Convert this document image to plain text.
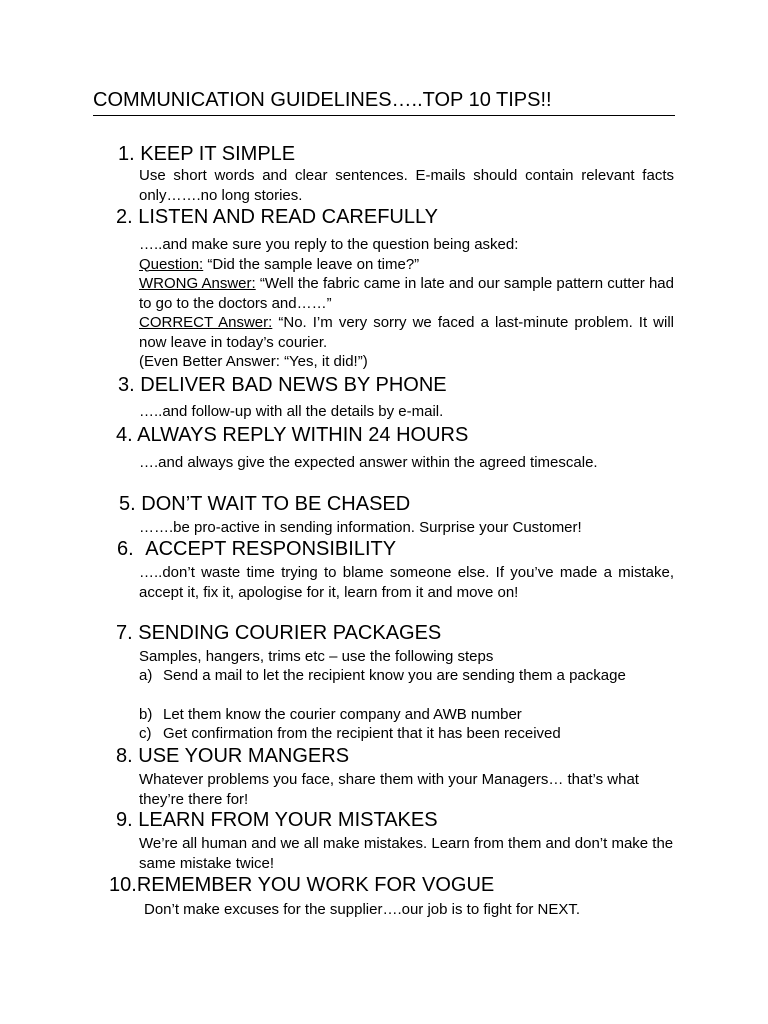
COMMUNICATION GUIDELINES…..TOP 10 TIPS!!
1. KEEP IT SIMPLE
Use short words and clear sentences. E-mails should contain relevant facts only…….no long stories.
2. LISTEN AND READ CAREFULLY
…..and make sure you reply to the question being asked:
Question: “Did the sample leave on time?”
WRONG Answer: “Well the fabric came in late and our sample pattern cutter had to go to the doctors and……”
CORRECT Answer: “No. I’m very sorry we faced a last-minute problem. It will now leave in today’s courier.
(Even Better Answer: “Yes, it did!”)
3. DELIVER BAD NEWS BY PHONE
…..and follow-up with all the details by e-mail.
4. ALWAYS REPLY WITHIN 24 HOURS
….and always give the expected answer within the agreed timescale.
5. DON’T WAIT TO BE CHASED
…….be pro-active in sending information. Surprise your Customer!
6. ACCEPT RESPONSIBILITY
…..don’t waste time trying to blame someone else. If you’ve made a mistake, accept it, fix it, apologise for it, learn from it and move on!
7. SENDING COURIER PACKAGES
Samples, hangers, trims etc – use the following steps
a) Send a mail to let the recipient know you are sending them a package
b) Let them know the courier company and AWB number
c) Get confirmation from the recipient that it has been received
8. USE YOUR MANGERS
Whatever problems you face, share them with your Managers… that’s what they’re there for!
9. LEARN FROM YOUR MISTAKES
We’re all human and we all make mistakes. Learn from them and don’t make the same mistake twice!
10.REMEMBER YOU WORK FOR VOGUE
Don’t make excuses for the supplier….our job is to fight for NEXT.
